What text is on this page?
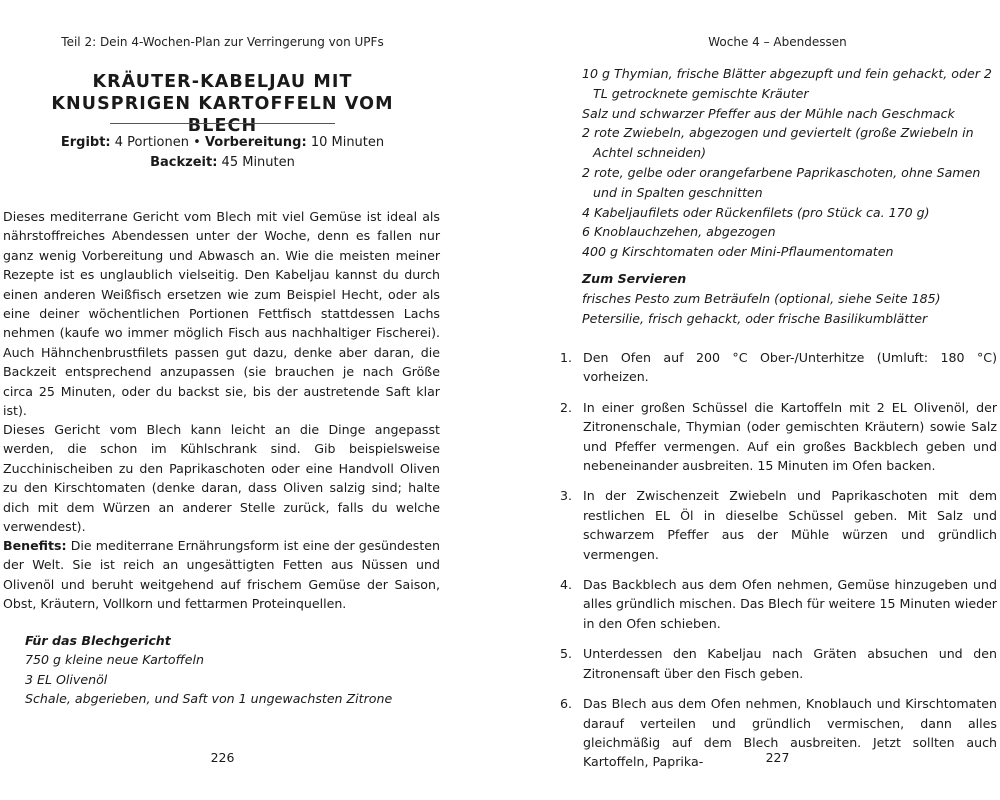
Teil 2: Dein 4-Wochen-Plan zur Verringerung von UPFs
KRÄUTER-KABELJAU MIT KNUSPRIGEN KARTOFFELN VOM BLECH
Ergibt: 4 Portionen • Vorbereitung: 10 Minuten
Backzeit: 45 Minuten

Dieses mediterrane Gericht vom Blech mit viel Gemüse ist ideal als nährstoffreiches Abendessen unter der Woche, denn es fallen nur ganz wenig Vorbereitung und Abwasch an. Wie die meisten meiner Rezepte ist es unglaublich vielseitig. Den Kabeljau kannst du durch einen anderen Weißfisch ersetzen wie zum Beispiel Hecht, oder als eine deiner wöchentlichen Portionen Fettfisch stattdessen Lachs nehmen (kaufe wo immer möglich Fisch aus nachhaltiger Fischerei). Auch Hähnchenbrustfilets passen gut dazu, denke aber daran, die Backzeit entsprechend anzupassen (sie brauchen je nach Größe circa 25 Minuten, oder du backst sie, bis der austretende Saft klar ist).

Dieses Gericht vom Blech kann leicht an die Dinge angepasst werden, die schon im Kühlschrank sind. Gib beispielsweise Zucchinischeiben zu den Paprikaschoten oder eine Handvoll Oliven zu den Kirschtomaten (denke daran, dass Oliven salzig sind; halte dich mit dem Würzen an anderer Stelle zurück, falls du welche verwendest).

Benefits: Die mediterrane Ernährungsform ist eine der gesündesten der Welt. Sie ist reich an ungesättigten Fetten aus Nüssen und Olivenöl und beruht weitgehend auf frischem Gemüse der Saison, Obst, Kräutern, Vollkorn und fettarmen Proteinquellen.

Für das Blechgericht
750 g kleine neue Kartoffeln
3 EL Olivenöl
Schale, abgerieben, und Saft von 1 ungewachsten Zitrone
226
Woche 4 – Abendessen
10 g Thymian, frische Blätter abgezupft und fein gehackt, oder 2 TL getrocknete gemischte Kräuter
Salz und schwarzer Pfeffer aus der Mühle nach Geschmack
2 rote Zwiebeln, abgezogen und geviertelt (große Zwiebeln in Achtel schneiden)
2 rote, gelbe oder orangefarbene Paprikaschoten, ohne Samen und in Spalten geschnitten
4 Kabeljaufilets oder Rückenfilets (pro Stück ca. 170 g)
6 Knoblauchzehen, abgezogen
400 g Kirschtomaten oder Mini-Pflaumentomaten
Zum Servieren
frisches Pesto zum Beträufeln (optional, siehe Seite 185)
Petersilie, frisch gehackt, oder frische Basilikumblätter
1. Den Ofen auf 200 °C Ober-/Unterhitze (Umluft: 180 °C) vorheizen.
2. In einer großen Schüssel die Kartoffeln mit 2 EL Olivenöl, der Zitronenschale, Thymian (oder gemischten Kräutern) sowie Salz und Pfeffer vermengen. Auf ein großes Backblech geben und nebeneinander ausbreiten. 15 Minuten im Ofen backen.
3. In der Zwischenzeit Zwiebeln und Paprikaschoten mit dem restlichen EL Öl in dieselbe Schüssel geben. Mit Salz und schwarzem Pfeffer aus der Mühle würzen und gründlich vermengen.
4. Das Backblech aus dem Ofen nehmen, Gemüse hinzugeben und alles gründlich mischen. Das Blech für weitere 15 Minuten wieder in den Ofen schieben.
5. Unterdessen den Kabeljau nach Gräten absuchen und den Zitronensaft über den Fisch geben.
6. Das Blech aus dem Ofen nehmen, Knoblauch und Kirschtomaten darauf verteilen und gründlich vermischen, dann alles gleichmäßig auf dem Blech ausbreiten. Jetzt sollten auch Kartoffeln, Paprika-	227
